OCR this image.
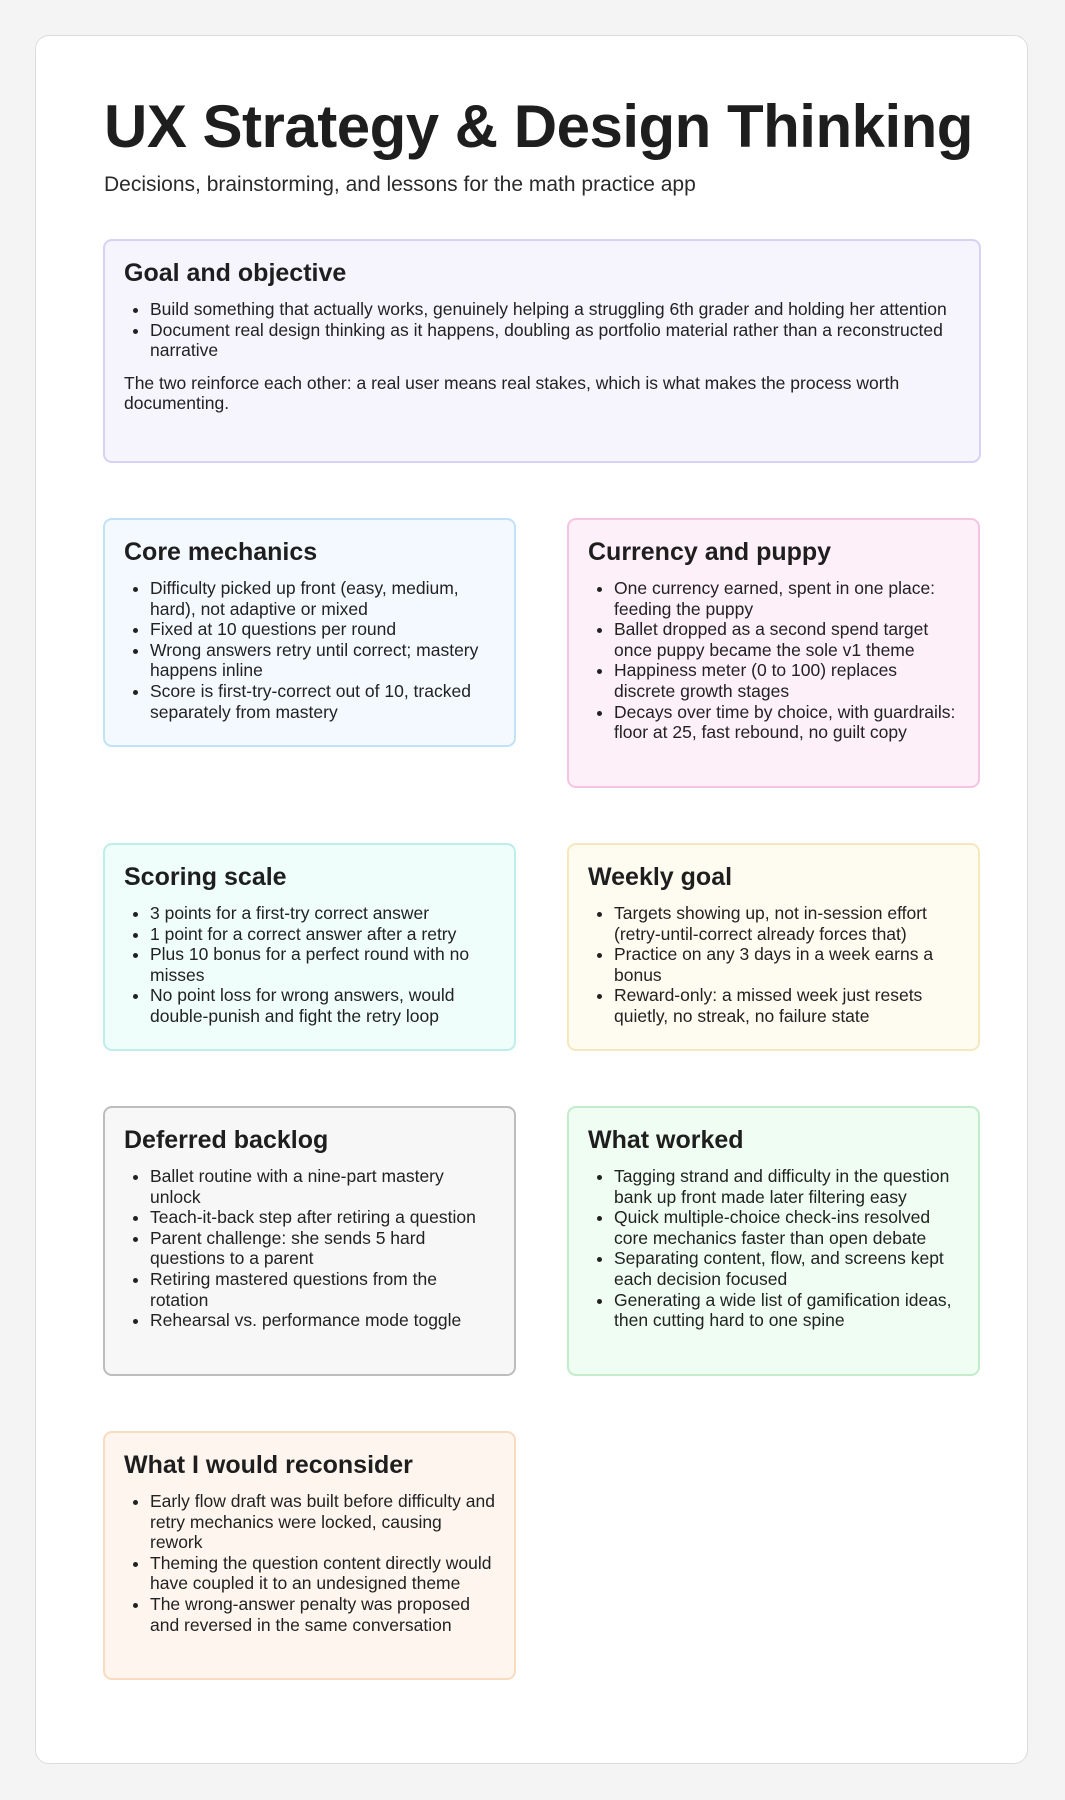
UX Strategy & Design Thinking

Decisions, brainstorming, and lessons for the math practice app

Goal and objective
• Build something that actually works, genuinely helping a struggling 6th grader and holding her attention
• Document real design thinking as it happens, doubling as portfolio material rather than a reconstructed narrative

The two reinforce each other: a real user means real stakes, which is what makes the process worth documenting.

Core mechanics
• Difficulty picked up front (easy, medium, hard), not adaptive or mixed
• Fixed at 10 questions per round
• Wrong answers retry until correct; mastery happens inline
• Score is first-try-correct out of 10, tracked separately from mastery
Currency and puppy
• One currency earned, spent in one place: feeding the puppy
• Ballet dropped as a second spend target once puppy became the sole v1 theme
• Happiness meter (0 to 100) replaces discrete growth stages
• Decays over time by choice, with guardrails: floor at 25, fast rebound, no guilt copy
Scoring scale
• 3 points for a first-try correct answer
• 1 point for a correct answer after a retry
• Plus 10 bonus for a perfect round with no misses
• No point loss for wrong answers, would double-punish and fight the retry loop
Weekly goal
• Targets showing up, not in-session effort (retry-until-correct already forces that)
• Practice on any 3 days in a week earns a bonus
• Reward-only: a missed week just resets quietly, no streak, no failure state
Deferred backlog
• Ballet routine with a nine-part mastery unlock
• Teach-it-back step after retiring a question
• Parent challenge: she sends 5 hard questions to a parent
• Retiring mastered questions from the rotation
• Rehearsal vs. performance mode toggle
What worked
• Tagging strand and difficulty in the question bank up front made later filtering easy
• Quick multiple-choice check-ins resolved core mechanics faster than open debate
• Separating content, flow, and screens kept each decision focused
• Generating a wide list of gamification ideas, then cutting hard to one spine
What I would reconsider
• Early flow draft was built before difficulty and retry mechanics were locked, causing rework
• Theming the question content directly would have coupled it to an undesigned theme
• The wrong-answer penalty was proposed and reversed in the same conversation
